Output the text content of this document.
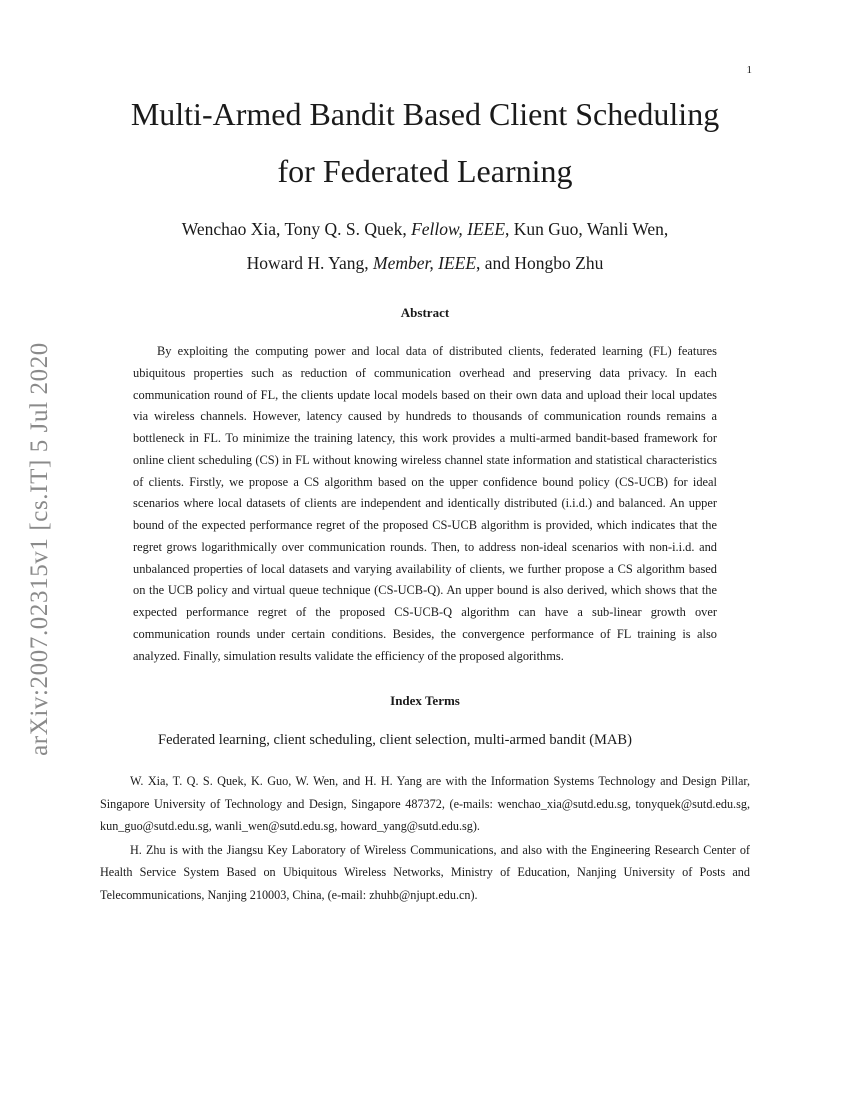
1
arXiv:2007.02315v1 [cs.IT] 5 Jul 2020
Multi-Armed Bandit Based Client Scheduling
for Federated Learning
Wenchao Xia, Tony Q. S. Quek, Fellow, IEEE, Kun Guo, Wanli Wen,
Howard H. Yang, Member, IEEE, and Hongbo Zhu
Abstract

By exploiting the computing power and local data of distributed clients, federated learning (FL) features ubiquitous properties such as reduction of communication overhead and preserving data privacy. In each communication round of FL, the clients update local models based on their own data and upload their local updates via wireless channels. However, latency caused by hundreds to thousands of communication rounds remains a bottleneck in FL. To minimize the training latency, this work provides a multi-armed bandit-based framework for online client scheduling (CS) in FL without knowing wireless channel state information and statistical characteristics of clients. Firstly, we propose a CS algorithm based on the upper confidence bound policy (CS-UCB) for ideal scenarios where local datasets of clients are independent and identically distributed (i.i.d.) and balanced. An upper bound of the expected performance regret of the proposed CS-UCB algorithm is provided, which indicates that the regret grows logarithmically over communication rounds. Then, to address non-ideal scenarios with non-i.i.d. and unbalanced properties of local datasets and varying availability of clients, we further propose a CS algorithm based on the UCB policy and virtual queue technique (CS-UCB-Q). An upper bound is also derived, which shows that the expected performance regret of the proposed CS-UCB-Q algorithm can have a sub-linear growth over communication rounds under certain conditions. Besides, the convergence performance of FL training is also analyzed. Finally, simulation results validate the efficiency of the proposed algorithms.

Index Terms
Federated learning, client scheduling, client selection, multi-armed bandit (MAB)

W. Xia, T. Q. S. Quek, K. Guo, W. Wen, and H. H. Yang are with the Information Systems Technology and Design Pillar, Singapore University of Technology and Design, Singapore 487372, (e-mails: wenchao_xia@sutd.edu.sg, tonyquek@sutd.edu.sg, kun_guo@sutd.edu.sg, wanli_wen@sutd.edu.sg, howard_yang@sutd.edu.sg).

H. Zhu is with the Jiangsu Key Laboratory of Wireless Communications, and also with the Engineering Research Center of Health Service System Based on Ubiquitous Wireless Networks, Ministry of Education, Nanjing University of Posts and Telecommunications, Nanjing 210003, China, (e-mail: zhuhb@njupt.edu.cn).
